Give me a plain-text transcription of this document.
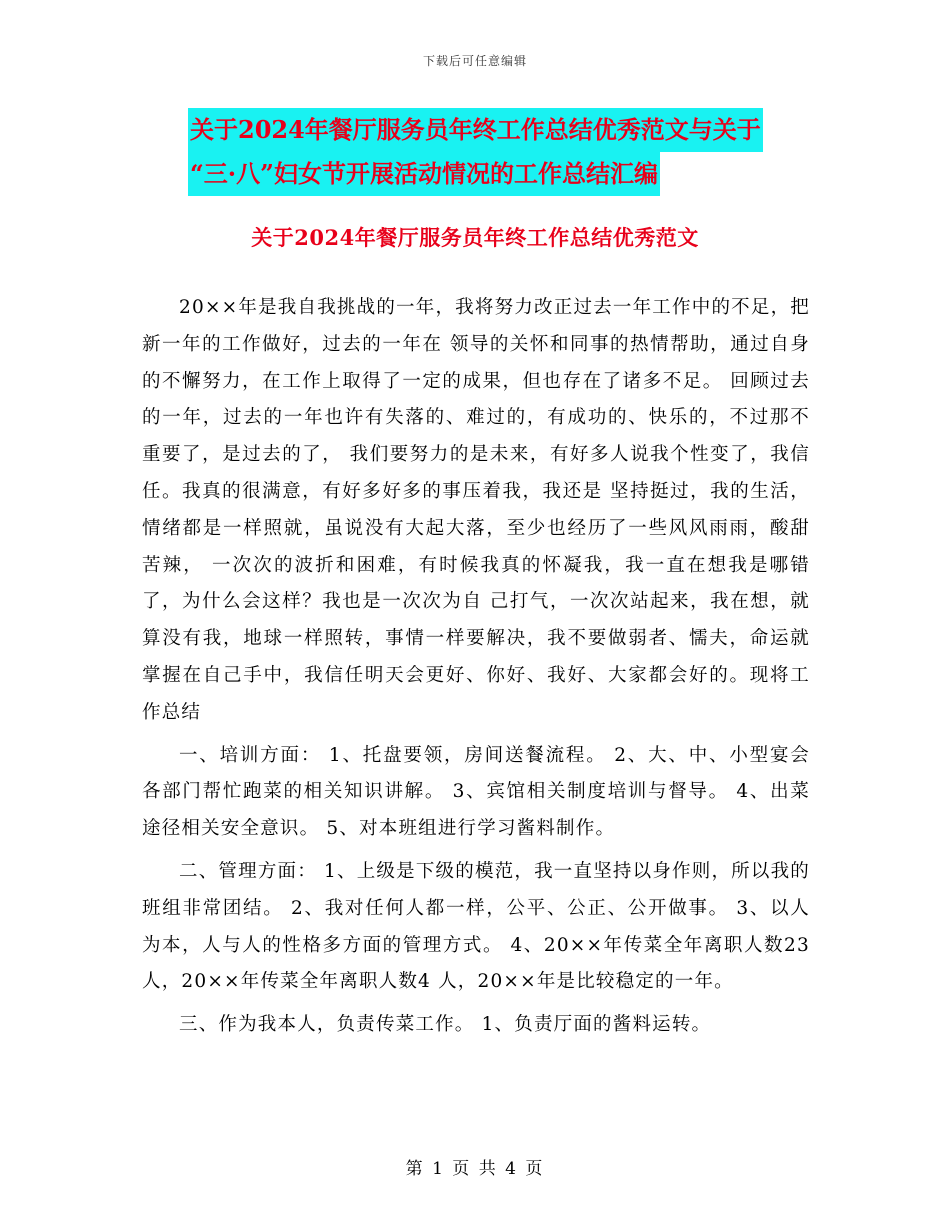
下载后可任意编辑
关于2024年餐厅服务员年终工作总结优秀范文与关于
“三·八”妇女节开展活动情况的工作总结汇编
关于2024年餐厅服务员年终工作总结优秀范文

20××年是我自我挑战的一年，我将努力改正过去一年工作中的不足，把新一年的工作做好，过去的一年在 领导的关怀和同事的热情帮助，通过自身的不懈努力，在工作上取得了一定的成果，但也存在了诸多不足。 回顾过去的一年，过去的一年也许有失落的、难过的，有成功的、快乐的，不过那不重要了，是过去的了， 我们要努力的是未来，有好多人说我个性变了，我信任。我真的很满意，有好多好多的事压着我，我还是 坚持挺过，我的生活，情绪都是一样照就，虽说没有大起大落，至少也经历了一些风风雨雨，酸甜苦辣， 一次次的波折和困难，有时候我真的怀凝我，我一直在想我是哪错了，为什么会这样？我也是一次次为自 己打气，一次次站起来，我在想，就算没有我，地球一样照转，事情一样要解决，我不要做弱者、懦夫，命运就掌握在自己手中，我信任明天会更好、你好、我好、大家都会好的。现将工作总结

一、培训方面： 1、托盘要领，房间送餐流程。 2、大、中、小型宴会各部门帮忙跑菜的相关知识讲解。 3、宾馆相关制度培训与督导。 4、出菜途径相关安全意识。 5、对本班组进行学习酱料制作。

二、管理方面： 1、上级是下级的模范，我一直坚持以身作则，所以我的班组非常团结。 2、我对任何人都一样，公平、公正、公开做事。 3、以人为本，人与人的性格多方面的管理方式。 4、20××年传菜全年离职人数23 人，20××年传菜全年离职人数4 人，20××年是比较稳定的一年。

三、作为我本人，负责传菜工作。 1、负责厅面的酱料运转。

第 1 页 共 4 页
